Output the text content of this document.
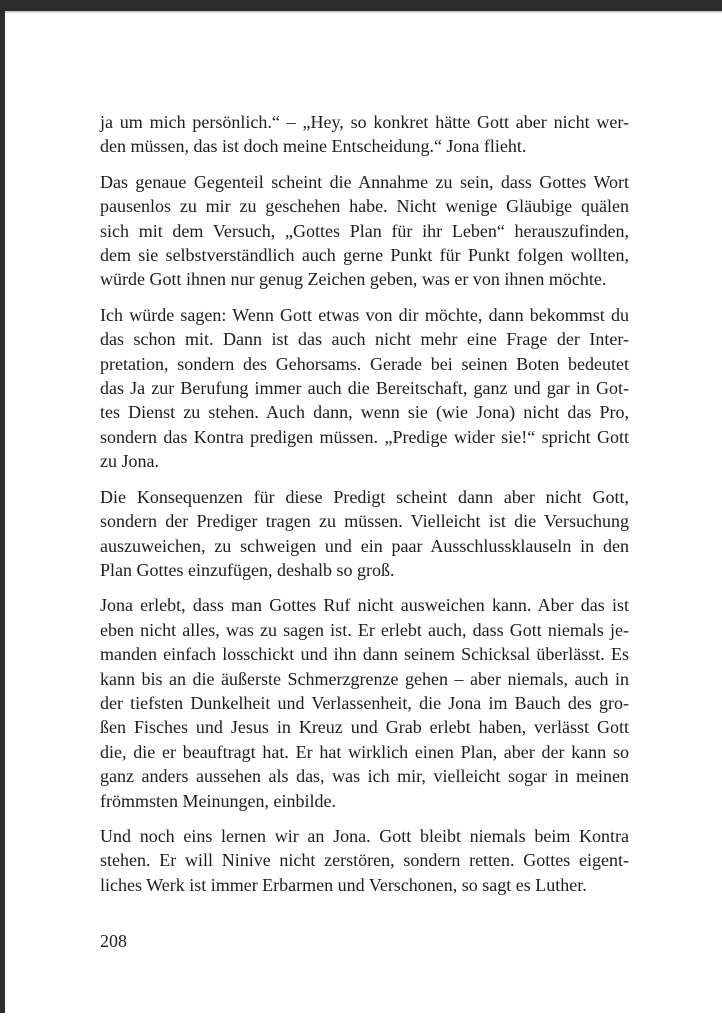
ja um mich persönlich.“ – „Hey, so konkret hätte Gott aber nicht wer-
den müssen, das ist doch meine Entscheidung.“ Jona flieht.
Das genaue Gegenteil scheint die Annahme zu sein, dass Gottes Wort
pausenlos zu mir zu geschehen habe. Nicht wenige Gläubige quälen
sich mit dem Versuch, „Gottes Plan für ihr Leben“ herauszufinden,
dem sie selbstverständlich auch gerne Punkt für Punkt folgen wollten,
würde Gott ihnen nur genug Zeichen geben, was er von ihnen möchte.
Ich würde sagen: Wenn Gott etwas von dir möchte, dann bekommst du
das schon mit. Dann ist das auch nicht mehr eine Frage der Inter-
pretation, sondern des Gehorsams. Gerade bei seinen Boten bedeutet
das Ja zur Berufung immer auch die Bereitschaft, ganz und gar in Got-
tes Dienst zu stehen. Auch dann, wenn sie (wie Jona) nicht das Pro,
sondern das Kontra predigen müssen. „Predige wider sie!“ spricht Gott
zu Jona.
Die Konsequenzen für diese Predigt scheint dann aber nicht Gott,
sondern der Prediger tragen zu müssen. Vielleicht ist die Versuchung
auszuweichen, zu schweigen und ein paar Ausschlussklauseln in den
Plan Gottes einzufügen, deshalb so groß.
Jona erlebt, dass man Gottes Ruf nicht ausweichen kann. Aber das ist
eben nicht alles, was zu sagen ist. Er erlebt auch, dass Gott niemals je-
manden einfach losschickt und ihn dann seinem Schicksal überlässt. Es
kann bis an die äußerste Schmerzgrenze gehen – aber niemals, auch in
der tiefsten Dunkelheit und Verlassenheit, die Jona im Bauch des gro-
ßen Fisches und Jesus in Kreuz und Grab erlebt haben, verlässt Gott
die, die er beauftragt hat. Er hat wirklich einen Plan, aber der kann so
ganz anders aussehen als das, was ich mir, vielleicht sogar in meinen
frömmsten Meinungen, einbilde.
Und noch eins lernen wir an Jona. Gott bleibt niemals beim Kontra
stehen. Er will Ninive nicht zerstören, sondern retten. Gottes eigent-
liches Werk ist immer Erbarmen und Verschonen, so sagt es Luther.
208
